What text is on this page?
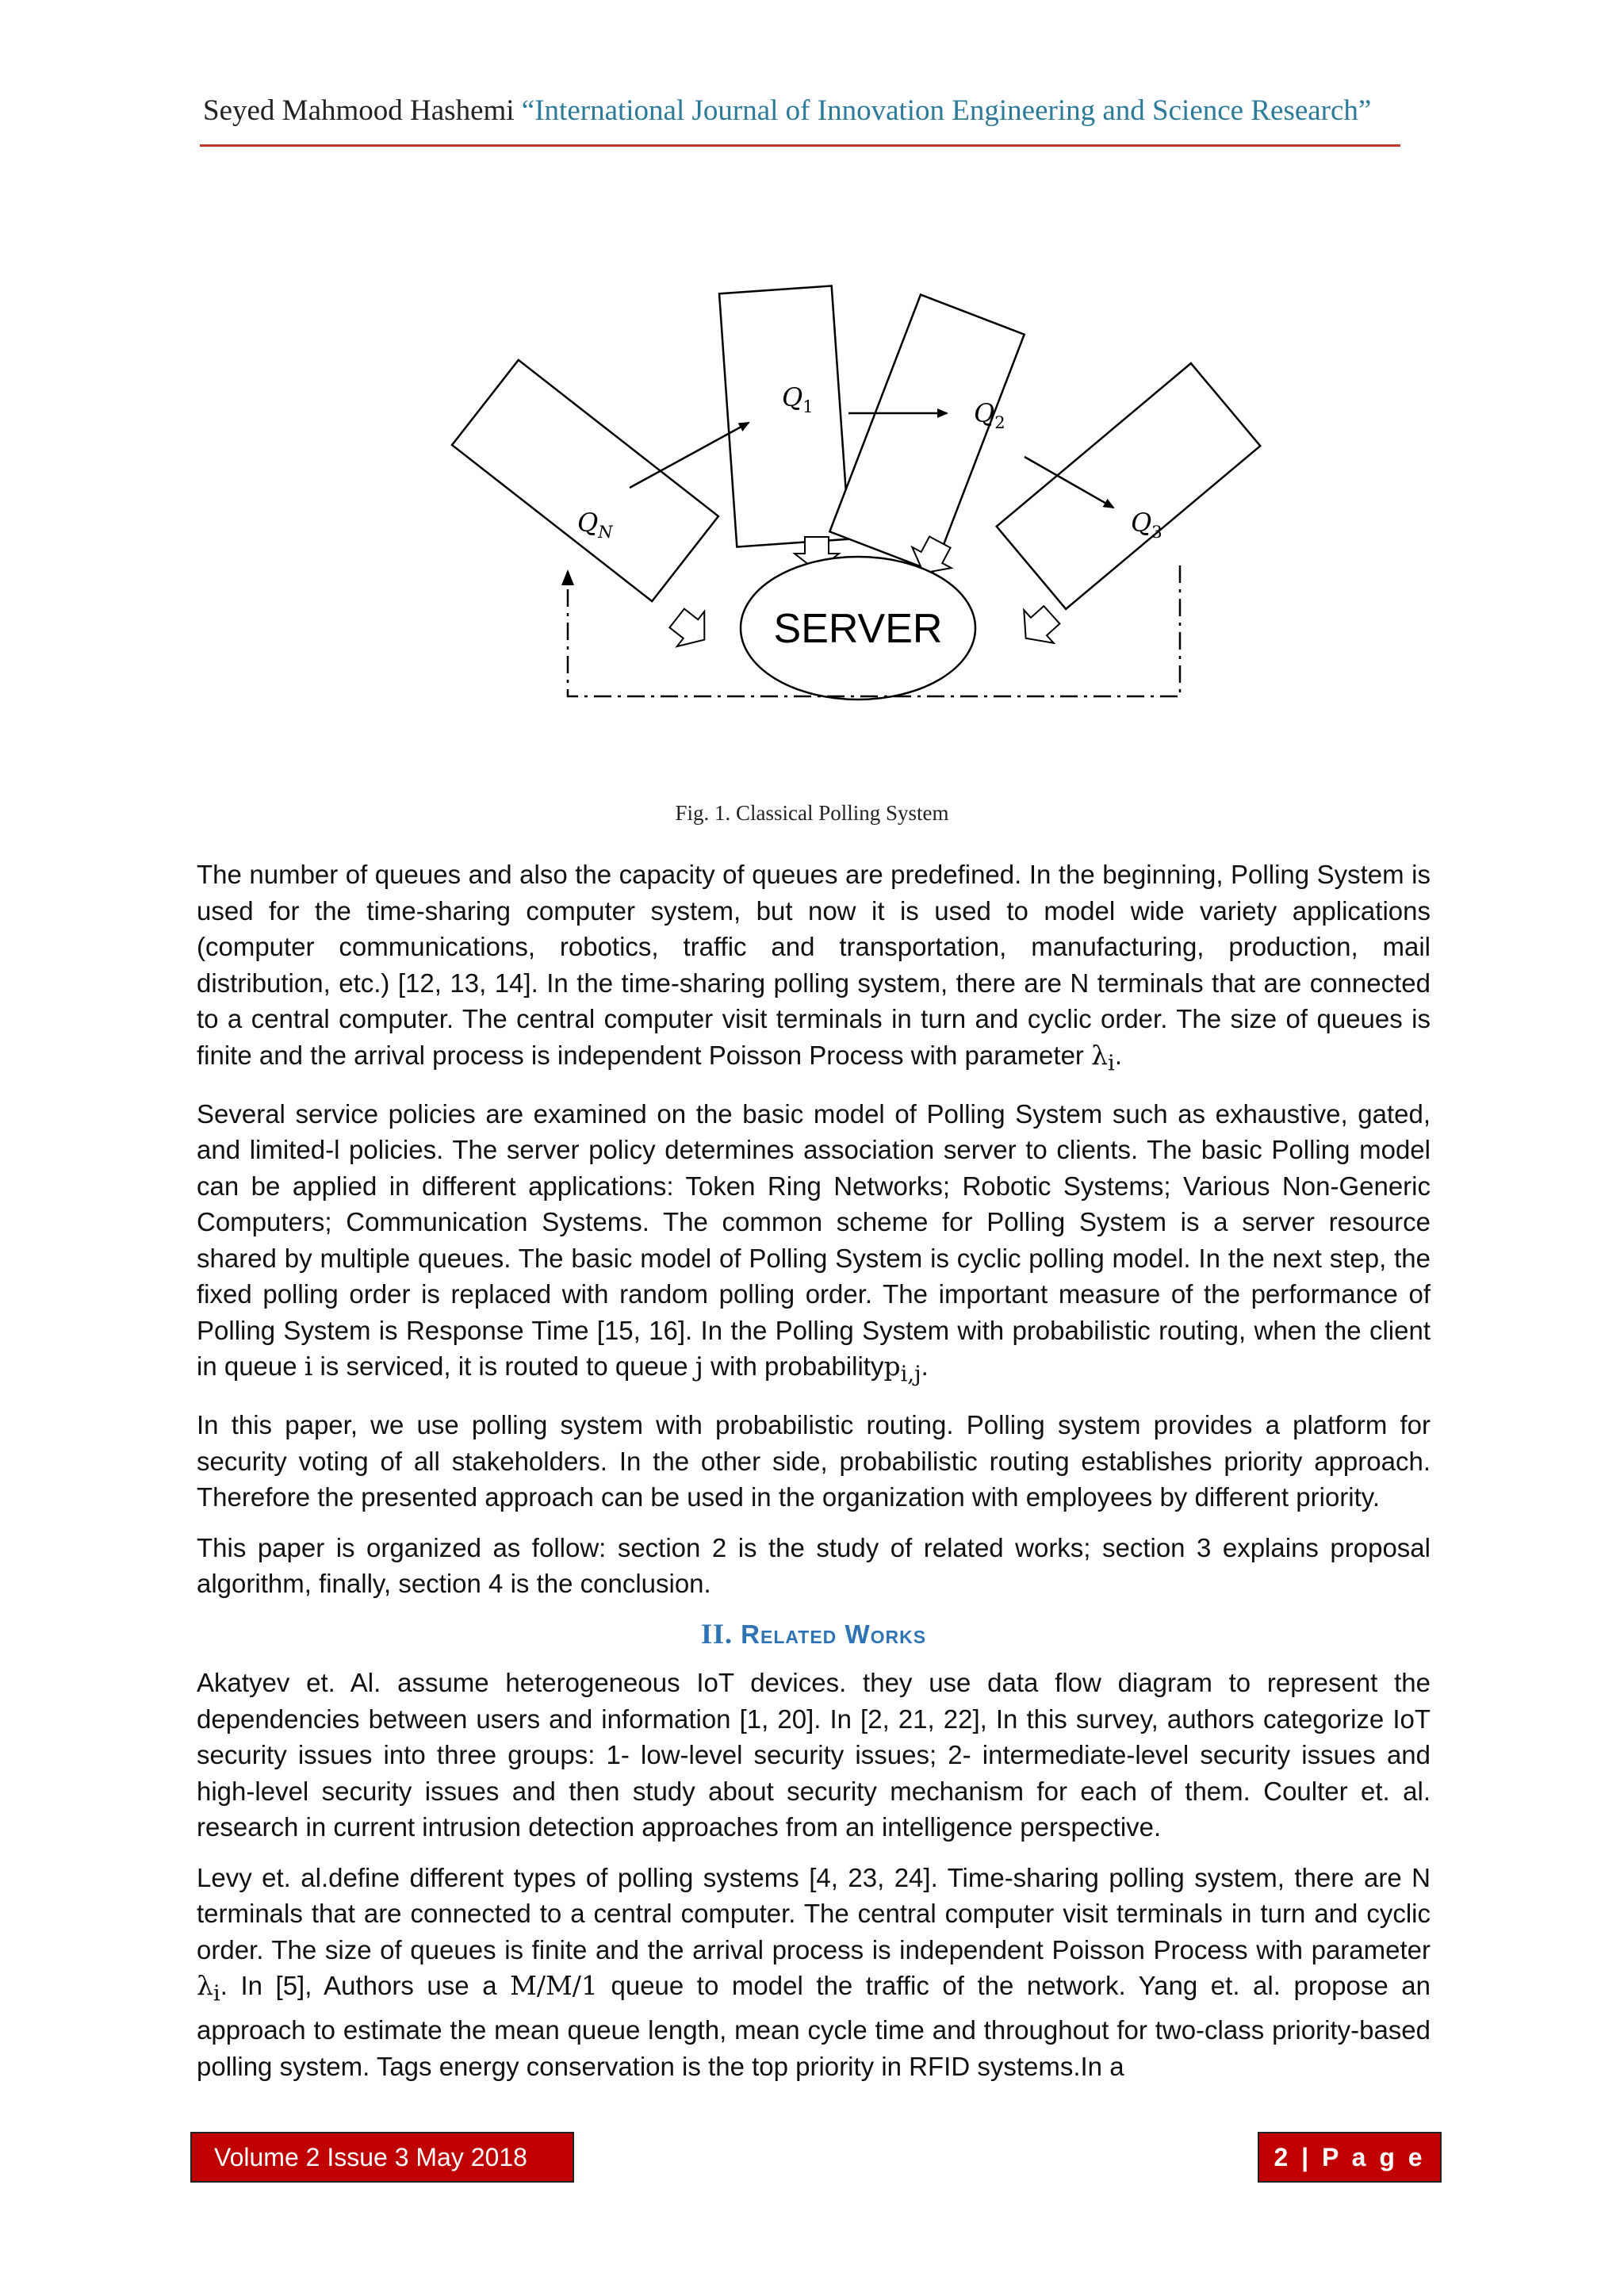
Seyed Mahmood Hashemi “International Journal of Innovation Engineering and Science Research”
$Q_1$	$Q_2$
$Q_3$
$Q_N$
SERVER
Fig. 1. Classical Polling System

The number of queues and also the capacity of queues are predefined. In the beginning, Polling System is used for the time-sharing computer system, but now it is used to model wide variety applications (computer communications, robotics, traffic and transportation, manufacturing, production, mail distribution, etc.) [12, 13, 14]. In the time-sharing polling system, there are N terminals that are connected to a central computer. The central computer visit terminals in turn and cyclic order. The size of queues is finite and the arrival process is independent Poisson Process with parameter $\lambda_i$.

Several service policies are examined on the basic model of Polling System such as exhaustive, gated, and limited-l policies. The server policy determines association server to clients. The basic Polling model can be applied in different applications: Token Ring Networks; Robotic Systems; Various Non-Generic Computers; Communication Systems. The common scheme for Polling System is a server resource shared by multiple queues. The basic model of Polling System is cyclic polling model. In the next step, the fixed polling order is replaced with random polling order. The important measure of the performance of Polling System is Response Time [15, 16]. In the Polling System with probabilistic routing, when the client in queue i is serviced, it is routed to queue j with probabilityp$_{i,j}$.

In this paper, we use polling system with probabilistic routing. Polling system provides a platform for security voting of all stakeholders. In the other side, probabilistic routing establishes priority approach. Therefore the presented approach can be used in the organization with employees by different priority.

This paper is organized as follow: section 2 is the study of related works; section 3 explains proposal algorithm, finally, section 4 is the conclusion.

II. Related Works

Akatyev et. Al. assume heterogeneous IoT devices. they use data flow diagram to represent the dependencies between users and information [1, 20]. In [2, 21, 22], In this survey, authors categorize IoT security issues into three groups: 1- low-level security issues; 2- intermediate-level security issues and high-level security issues and then study about security mechanism for each of them. Coulter et. al. research in current intrusion detection approaches from an intelligence perspective.

Levy et. al.define different types of polling systems [4, 23, 24]. Time-sharing polling system, there are N terminals that are connected to a central computer. The central computer visit terminals in turn and cyclic order. The size of queues is finite and the arrival process is independent Poisson Process with parameter $\lambda_i$. In [5], Authors use a M/M/1 queue to model the traffic of the network. Yang et. al. propose an approach to estimate the mean queue length, mean cycle time and throughout for two-class priority-based polling system. Tags energy conservation is the top priority in RFID systems.In a

Volume 2 Issue 3 May 2018	2 | P a g e
